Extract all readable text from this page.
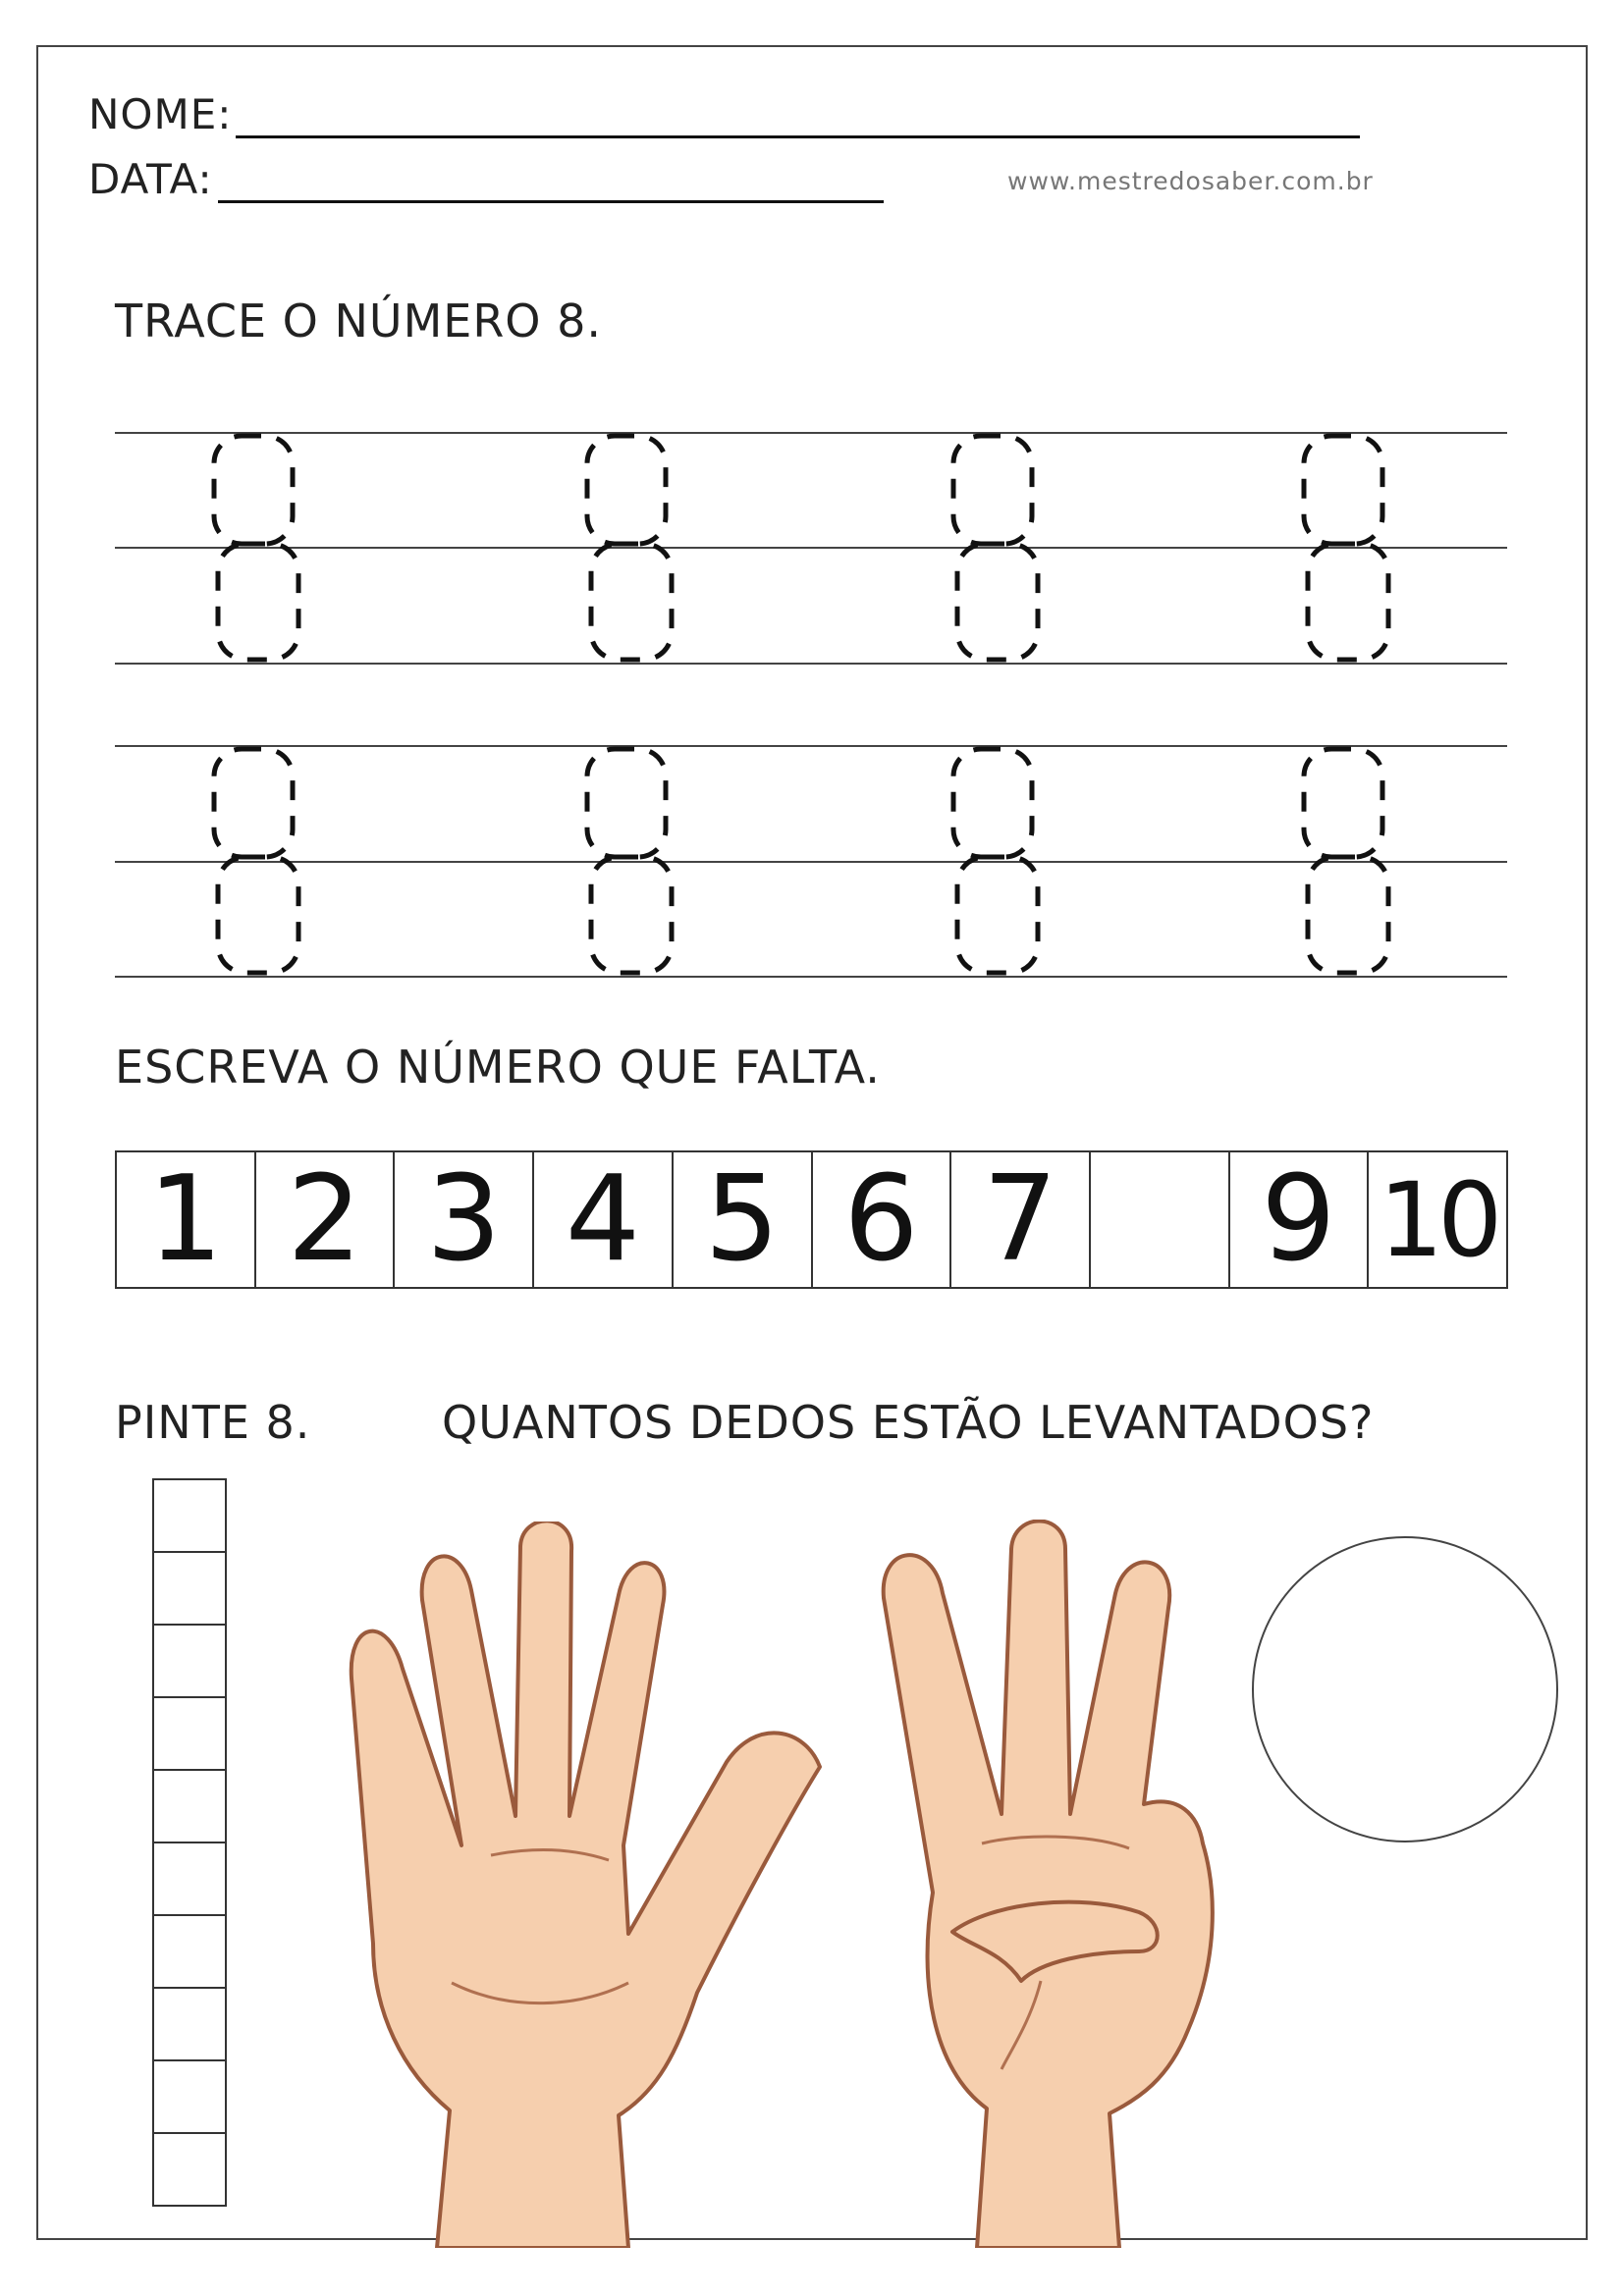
NOME:
DATA:	www.mestredosaber.com.br
TRACE O NÚMERO 8.
ESCREVA O NÚMERO QUE FALTA.
1 2 3 4 5 6 7 9 10
PINTE 8.	QUANTOS DEDOS ESTÃO LEVANTADOS?
